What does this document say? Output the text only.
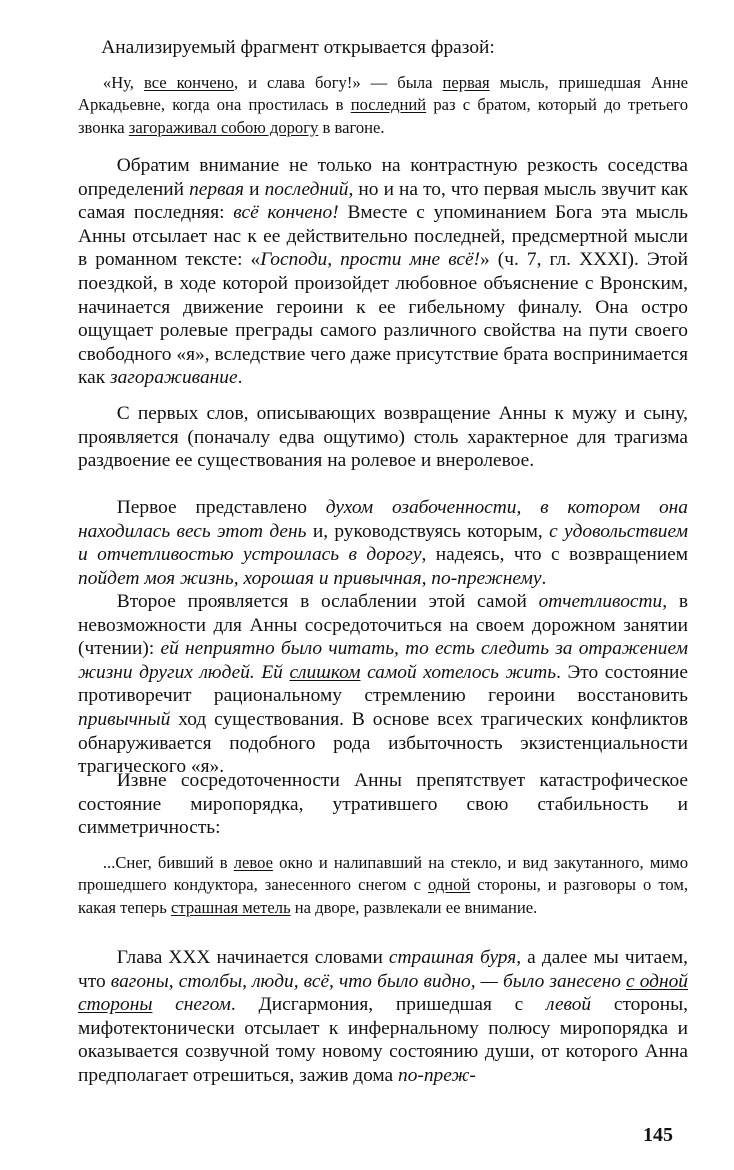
Анализируемый фрагмент открывается фразой:

«Ну, все кончено, и слава богу!» — была первая мысль, пришедшая Анне Аркадьевне, когда она простилась в последний раз с братом, который до третьего звонка загораживал собою дорогу в вагоне.

Обратим внимание не только на контрастную резкость соседства определений первая и последний, но и на то, что первая мысль звучит как самая последняя: всё кончено! Вместе с упоминанием Бога эта мысль Анны отсылает нас к ее действительно последней, предсмертной мысли в романном тексте: «Господи, прости мне всё!» (ч. 7, гл. XXXI). Этой поездкой, в ходе которой произойдет любовное объяснение с Вронским, начинается движение героини к ее гибельному финалу. Она остро ощущает ролевые преграды самого различного свойства на пути своего свободного «я», вследствие чего даже присутствие брата воспринимается как загораживание.

С первых слов, описывающих возвращение Анны к мужу и сыну, проявляется (поначалу едва ощутимо) столь характерное для трагизма раздвоение ее существования на ролевое и внеролевое.

Первое представлено духом озабоченности, в котором она находилась весь этот день и, руководствуясь которым, с удовольствием и отчетливостью устроилась в дорогу, надеясь, что с возвращением пойдет моя жизнь, хорошая и привычная, по-прежнему.

Второе проявляется в ослаблении этой самой отчетливости, в невозможности для Анны сосредоточиться на своем дорожном занятии (чтении): ей неприятно было читать, то есть следить за отражением жизни других людей. Ей слишком самой хотелось жить. Это состояние противоречит рациональному стремлению героини восстановить привычный ход существования. В основе всех трагических конфликтов обнаруживается подобного рода избыточность экзистенциальности трагического «я».

Извне сосредоточенности Анны препятствует катастрофическое состояние миропорядка, утратившего свою стабильность и симметричность:

...Снег, бивший в левое окно и налипавший на стекло, и вид закутанного, мимо прошедшего кондуктора, занесенного снегом с одной стороны, и разговоры о том, какая теперь страшная метель на дворе, развлекали ее внимание.

Глава XXX начинается словами страшная буря, а далее мы читаем, что вагоны, столбы, люди, всё, что было видно, — было занесено с одной стороны снегом. Дисгармония, пришедшая с левой стороны, мифотектонически отсылает к инфернальному полюсу миропорядка и оказывается созвучной тому новому состоянию души, от которого Анна предполагает отрешиться, зажив дома по-преж-

145
